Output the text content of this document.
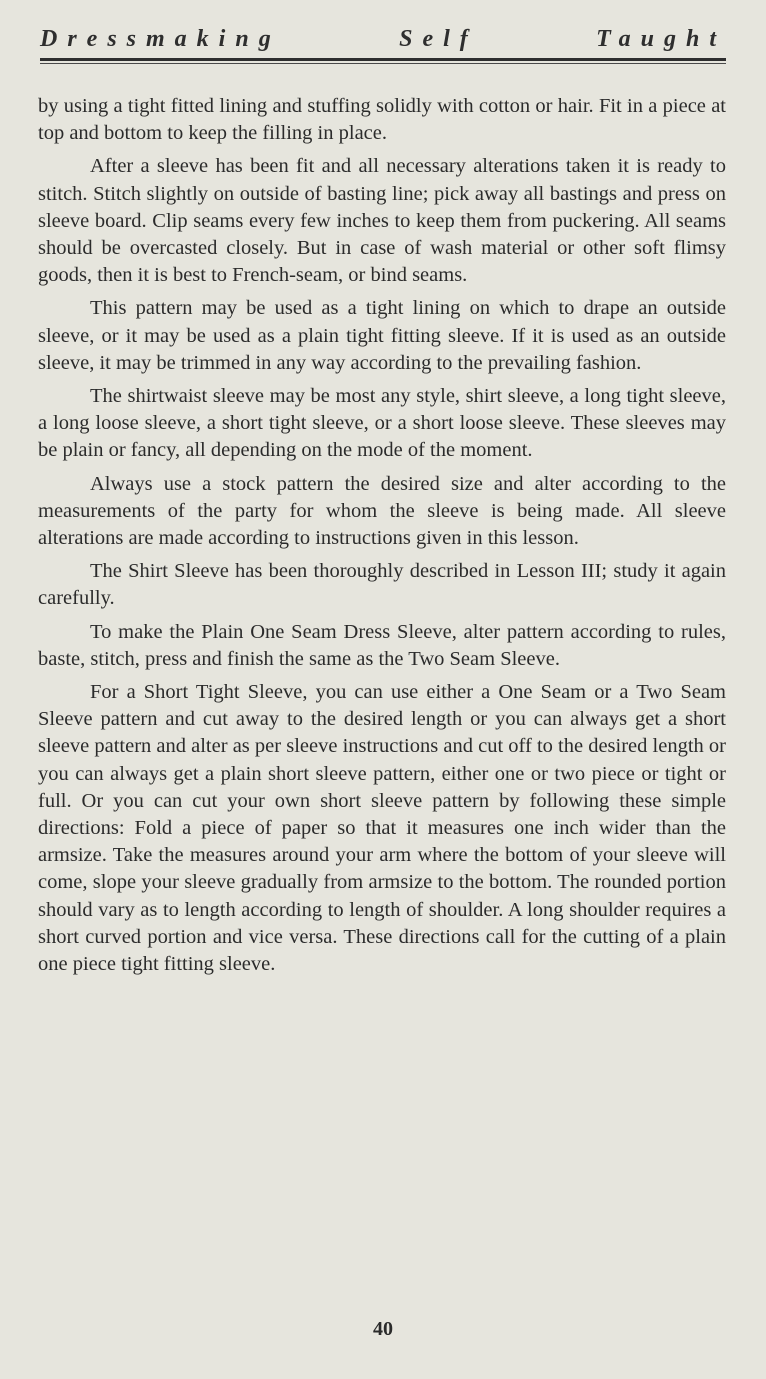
Dressmaking	Self	Taught

by using a tight fitted lining and stuffing solidly with cotton or hair. Fit in a piece at top and bottom to keep the filling in place.

After a sleeve has been fit and all necessary alterations taken it is ready to stitch. Stitch slightly on outside of basting line; pick away all bastings and press on sleeve board. Clip seams every few inches to keep them from puckering. All seams should be overcasted closely. But in case of wash material or other soft flimsy goods, then it is best to French-seam, or bind seams.

This pattern may be used as a tight lining on which to drape an outside sleeve, or it may be used as a plain tight fitting sleeve. If it is used as an outside sleeve, it may be trimmed in any way according to the prevailing fashion.

The shirtwaist sleeve may be most any style, shirt sleeve, a long tight sleeve, a long loose sleeve, a short tight sleeve, or a short loose sleeve. These sleeves may be plain or fancy, all depending on the mode of the moment.

Always use a stock pattern the desired size and alter according to the measurements of the party for whom the sleeve is being made. All sleeve alterations are made according to instructions given in this lesson.

The Shirt Sleeve has been thoroughly described in Lesson III; study it again carefully.

To make the Plain One Seam Dress Sleeve, alter pattern according to rules, baste, stitch, press and finish the same as the Two Seam Sleeve.

For a Short Tight Sleeve, you can use either a One Seam or a Two Seam Sleeve pattern and cut away to the desired length or you can always get a short sleeve pattern and alter as per sleeve instructions and cut off to the desired length or you can always get a plain short sleeve pattern, either one or two piece or tight or full. Or you can cut your own short sleeve pattern by following these simple directions: Fold a piece of paper so that it measures one inch wider than the armsize. Take the measures around your arm where the bottom of your sleeve will come, slope your sleeve gradually from armsize to the bottom. The rounded portion should vary as to length according to length of shoulder. A long shoulder requires a short curved portion and vice versa. These directions call for the cutting of a plain one piece tight fitting sleeve.

40
